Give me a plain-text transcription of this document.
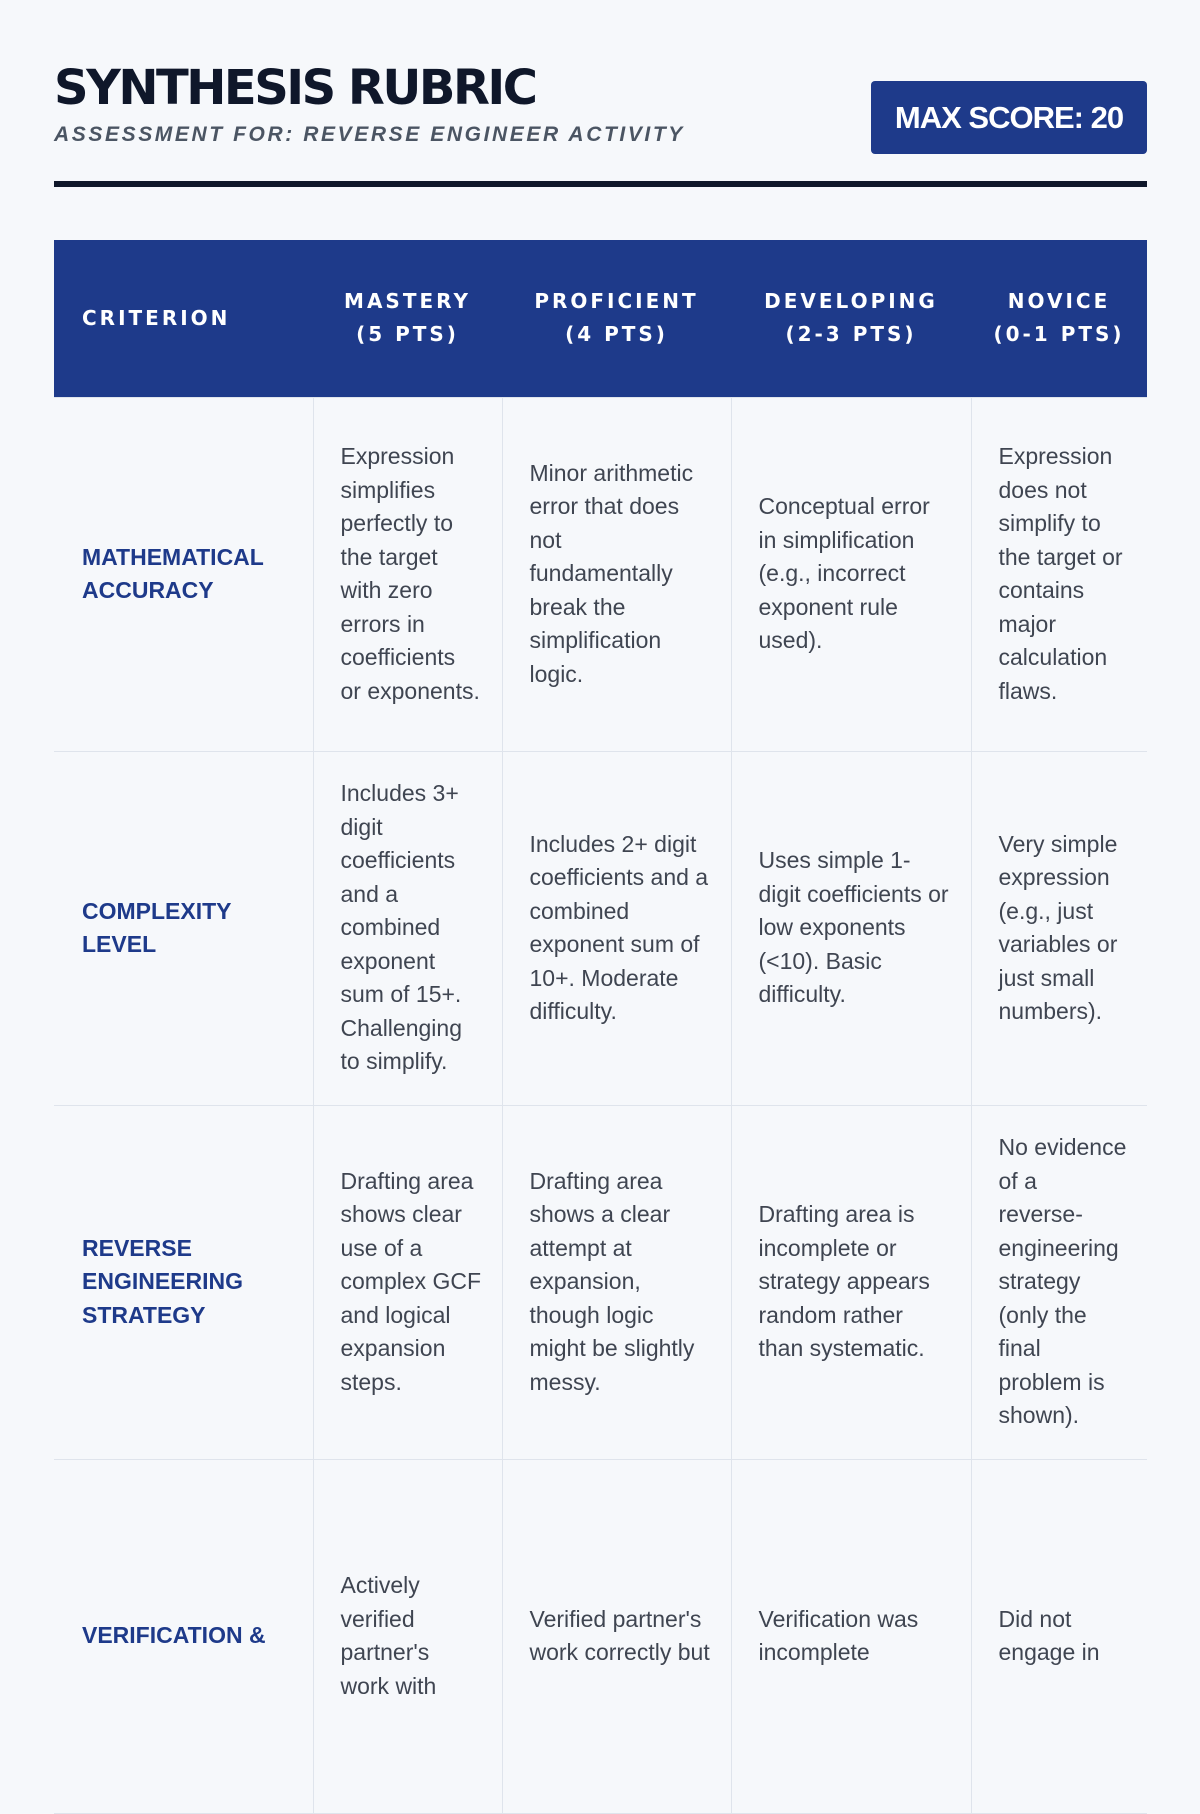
SYNTHESIS RUBRIC
ASSESSMENT FOR: REVERSE ENGINEER ACTIVITY	MAX SCORE: 20
CRITERION	MASTERY (5 PTS)	PROFICIENT (4 PTS)	DEVELOPING (2-3 PTS)	NOVICE (0-1 PTS)
MATHEMATICAL ACCURACY	Expression simplifies perfectly to the target with zero errors in coefficients or exponents.	Minor arithmetic error that does not fundamentally break the simplification logic.	Conceptual error in simplification (e.g., incorrect exponent rule used).	Expression does not simplify to the target or contains major calculation flaws.
COMPLEXITY LEVEL	Includes 3+ digit coefficients and a combined exponent sum of 15+. Challenging to simplify.	Includes 2+ digit coefficients and a combined exponent sum of 10+. Moderate difficulty.	Uses simple 1-digit coefficients or low exponents (<10). Basic difficulty.	Very simple expression (e.g., just variables or just small numbers).
REVERSE ENGINEERING STRATEGY	Drafting area shows clear use of a complex GCF and logical expansion steps.	Drafting area shows a clear attempt at expansion, though logic might be slightly messy.	Drafting area is incomplete or strategy appears random rather than systematic.	No evidence of a reverse-engineering strategy (only the final problem is shown).
VERIFICATION &	Actively verified partner's work with	Verified partner's work correctly but	Verification was incomplete	Did not engage in
